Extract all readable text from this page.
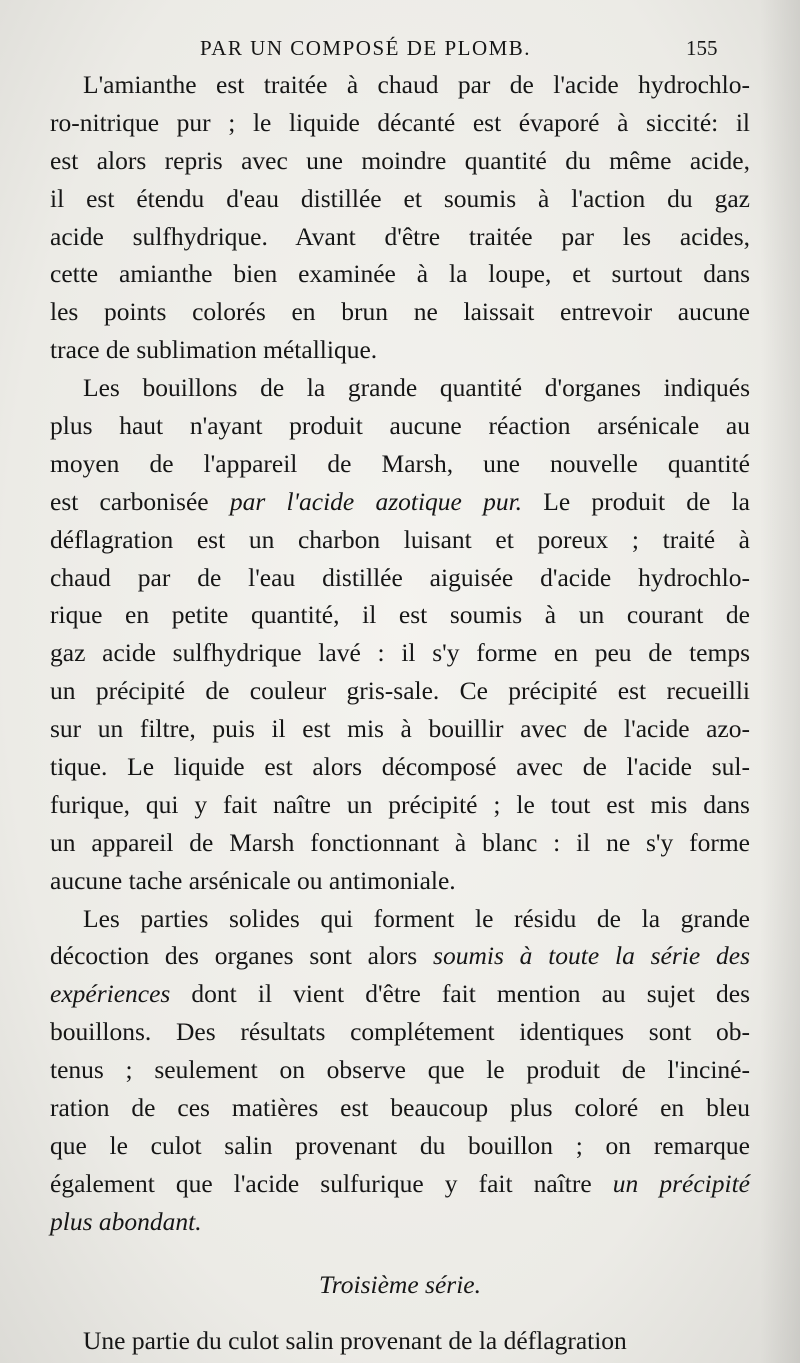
PAR UN COMPOSÉ DE PLOMB.	155
L'amianthe est traitée à chaud par de l'acide hydrochlo-
ro-nitrique pur ; le liquide décanté est évaporé à siccité: il
est alors repris avec une moindre quantité du même acide,
il est étendu d'eau distillée et soumis à l'action du gaz
acide sulfhydrique. Avant d'être traitée par les acides,
cette amianthe bien examinée à la loupe, et surtout dans
les points colorés en brun ne laissait entrevoir aucune
trace de sublimation métallique.
Les bouillons de la grande quantité d'organes indiqués
plus haut n'ayant produit aucune réaction arsénicale au
moyen de l'appareil de Marsh, une nouvelle quantité
est carbonisée par l'acide azotique pur. Le produit de la
déflagration est un charbon luisant et poreux ; traité à
chaud par de l'eau distillée aiguisée d'acide hydrochlo-
rique en petite quantité, il est soumis à un courant de
gaz acide sulfhydrique lavé : il s'y forme en peu de temps
un précipité de couleur gris-sale. Ce précipité est recueilli
sur un filtre, puis il est mis à bouillir avec de l'acide azo-
tique. Le liquide est alors décomposé avec de l'acide sul-
furique, qui y fait naître un précipité ; le tout est mis dans
un appareil de Marsh fonctionnant à blanc : il ne s'y forme
aucune tache arsénicale ou antimoniale.
Les parties solides qui forment le résidu de la grande
décoction des organes sont alors soumis à toute la série des
expériences dont il vient d'être fait mention au sujet des
bouillons. Des résultats complétement identiques sont ob-
tenus ; seulement on observe que le produit de l'inciné-
ration de ces matières est beaucoup plus coloré en bleu
que le culot salin provenant du bouillon ; on remarque
également que l'acide sulfurique y fait naître un précipité
plus abondant.
Troisième série.
Une partie du culot salin provenant de la déflagration
